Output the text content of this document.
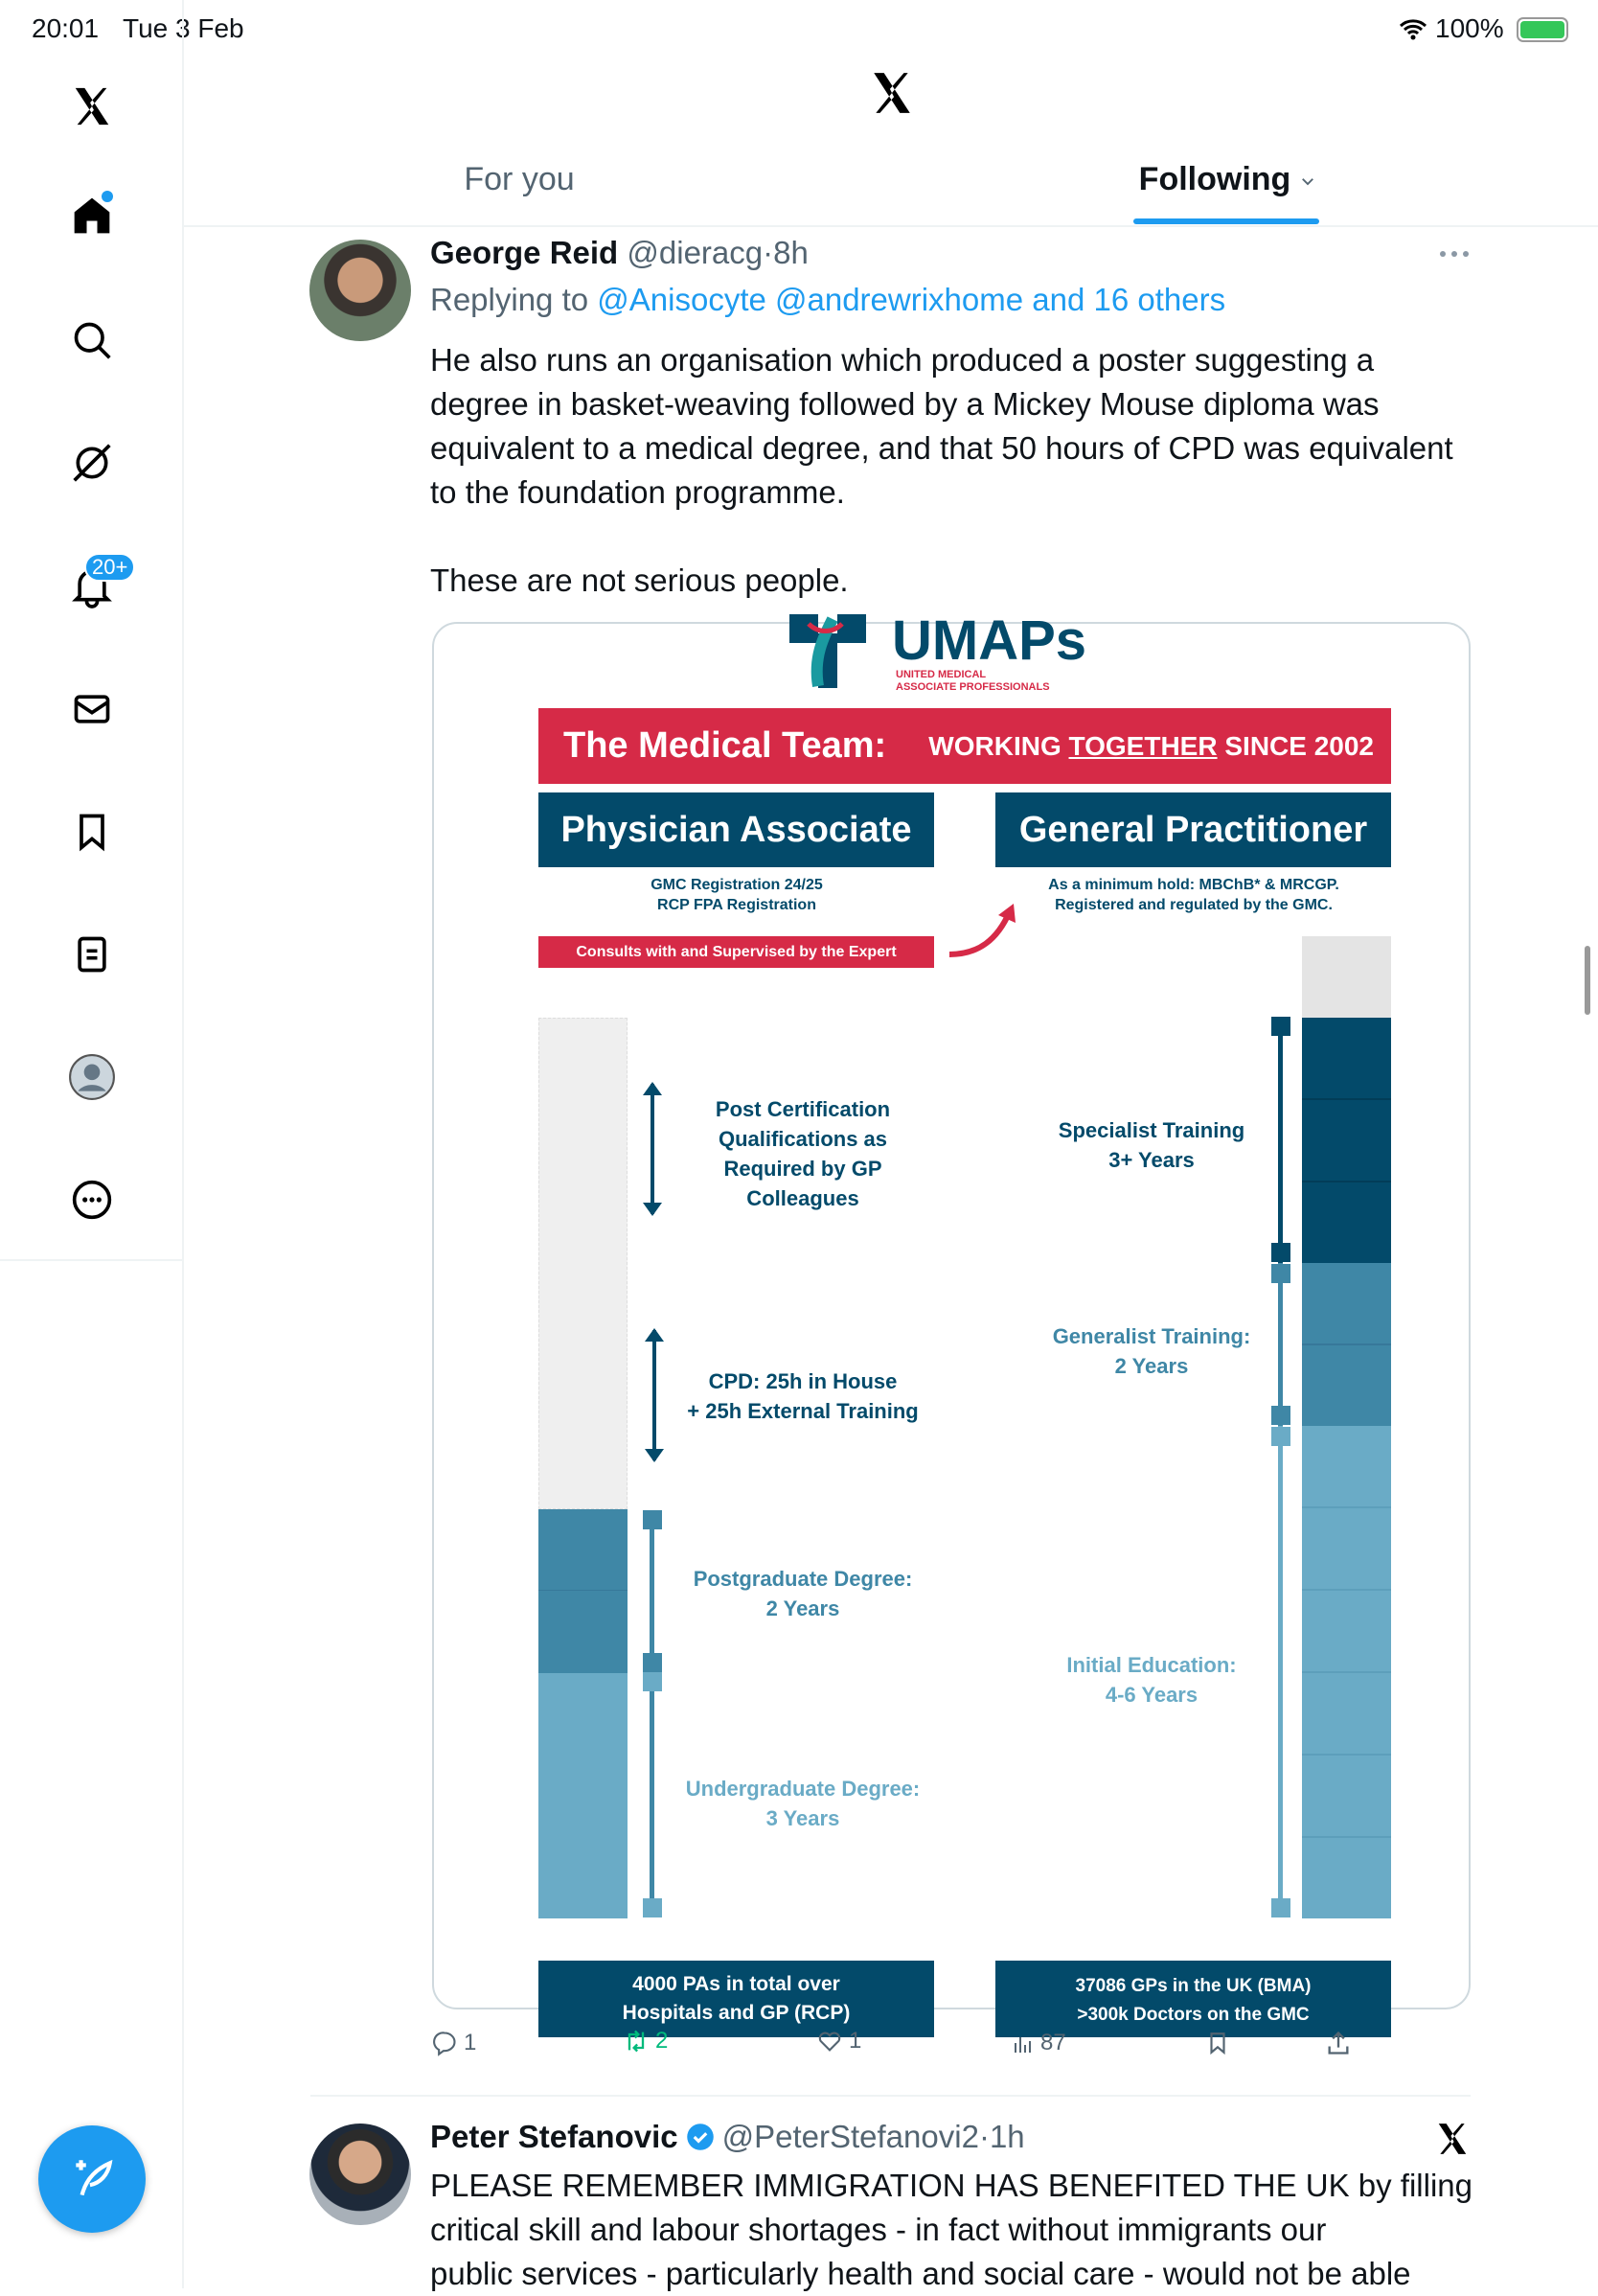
20:01 Tue 3 Feb	100%
20+
For you	Following
George Reid @dieracg·8h
Replying to @Anisocyte @andrewrixhome and 16 others
He also runs an organisation which produced a poster suggesting a degree in basket-weaving followed by a Mickey Mouse diploma was equivalent to a medical degree, and that 50 hours of CPD was equivalent to the foundation programme.
These are not serious people.
UMAPs
UNITED MEDICAL
ASSOCIATE PROFESSIONALS
The Medical Team: WORKING TOGETHER SINCE 2002
Physician Associate	General Practitioner
GMC Registration 24/25
RCP FPA Registration
As a minimum hold: MBChB* & MRCGP.
Registered and regulated by the GMC.
Consults with and Supervised by the Expert
Post Certification
Qualifications as
Required by GP
Colleagues
CPD: 25h in House
+ 25h External Training
Postgraduate Degree:
2 Years
Undergraduate Degree:
3 Years
Specialist Training
3+ Years
Generalist Training:
2 Years
Initial Education:
4-6 Years
4000 PAs in total over
Hospitals and GP (RCP)
37086 GPs in the UK (BMA)
>300k Doctors on the GMC
1	2	1	87
Peter Stefanovic @PeterStefanovi2·1h
PLEASE REMEMBER IMMIGRATION HAS BENEFITED THE UK by filling
critical skill and labour shortages - in fact without immigrants our
public services - particularly health and social care - would not be able
